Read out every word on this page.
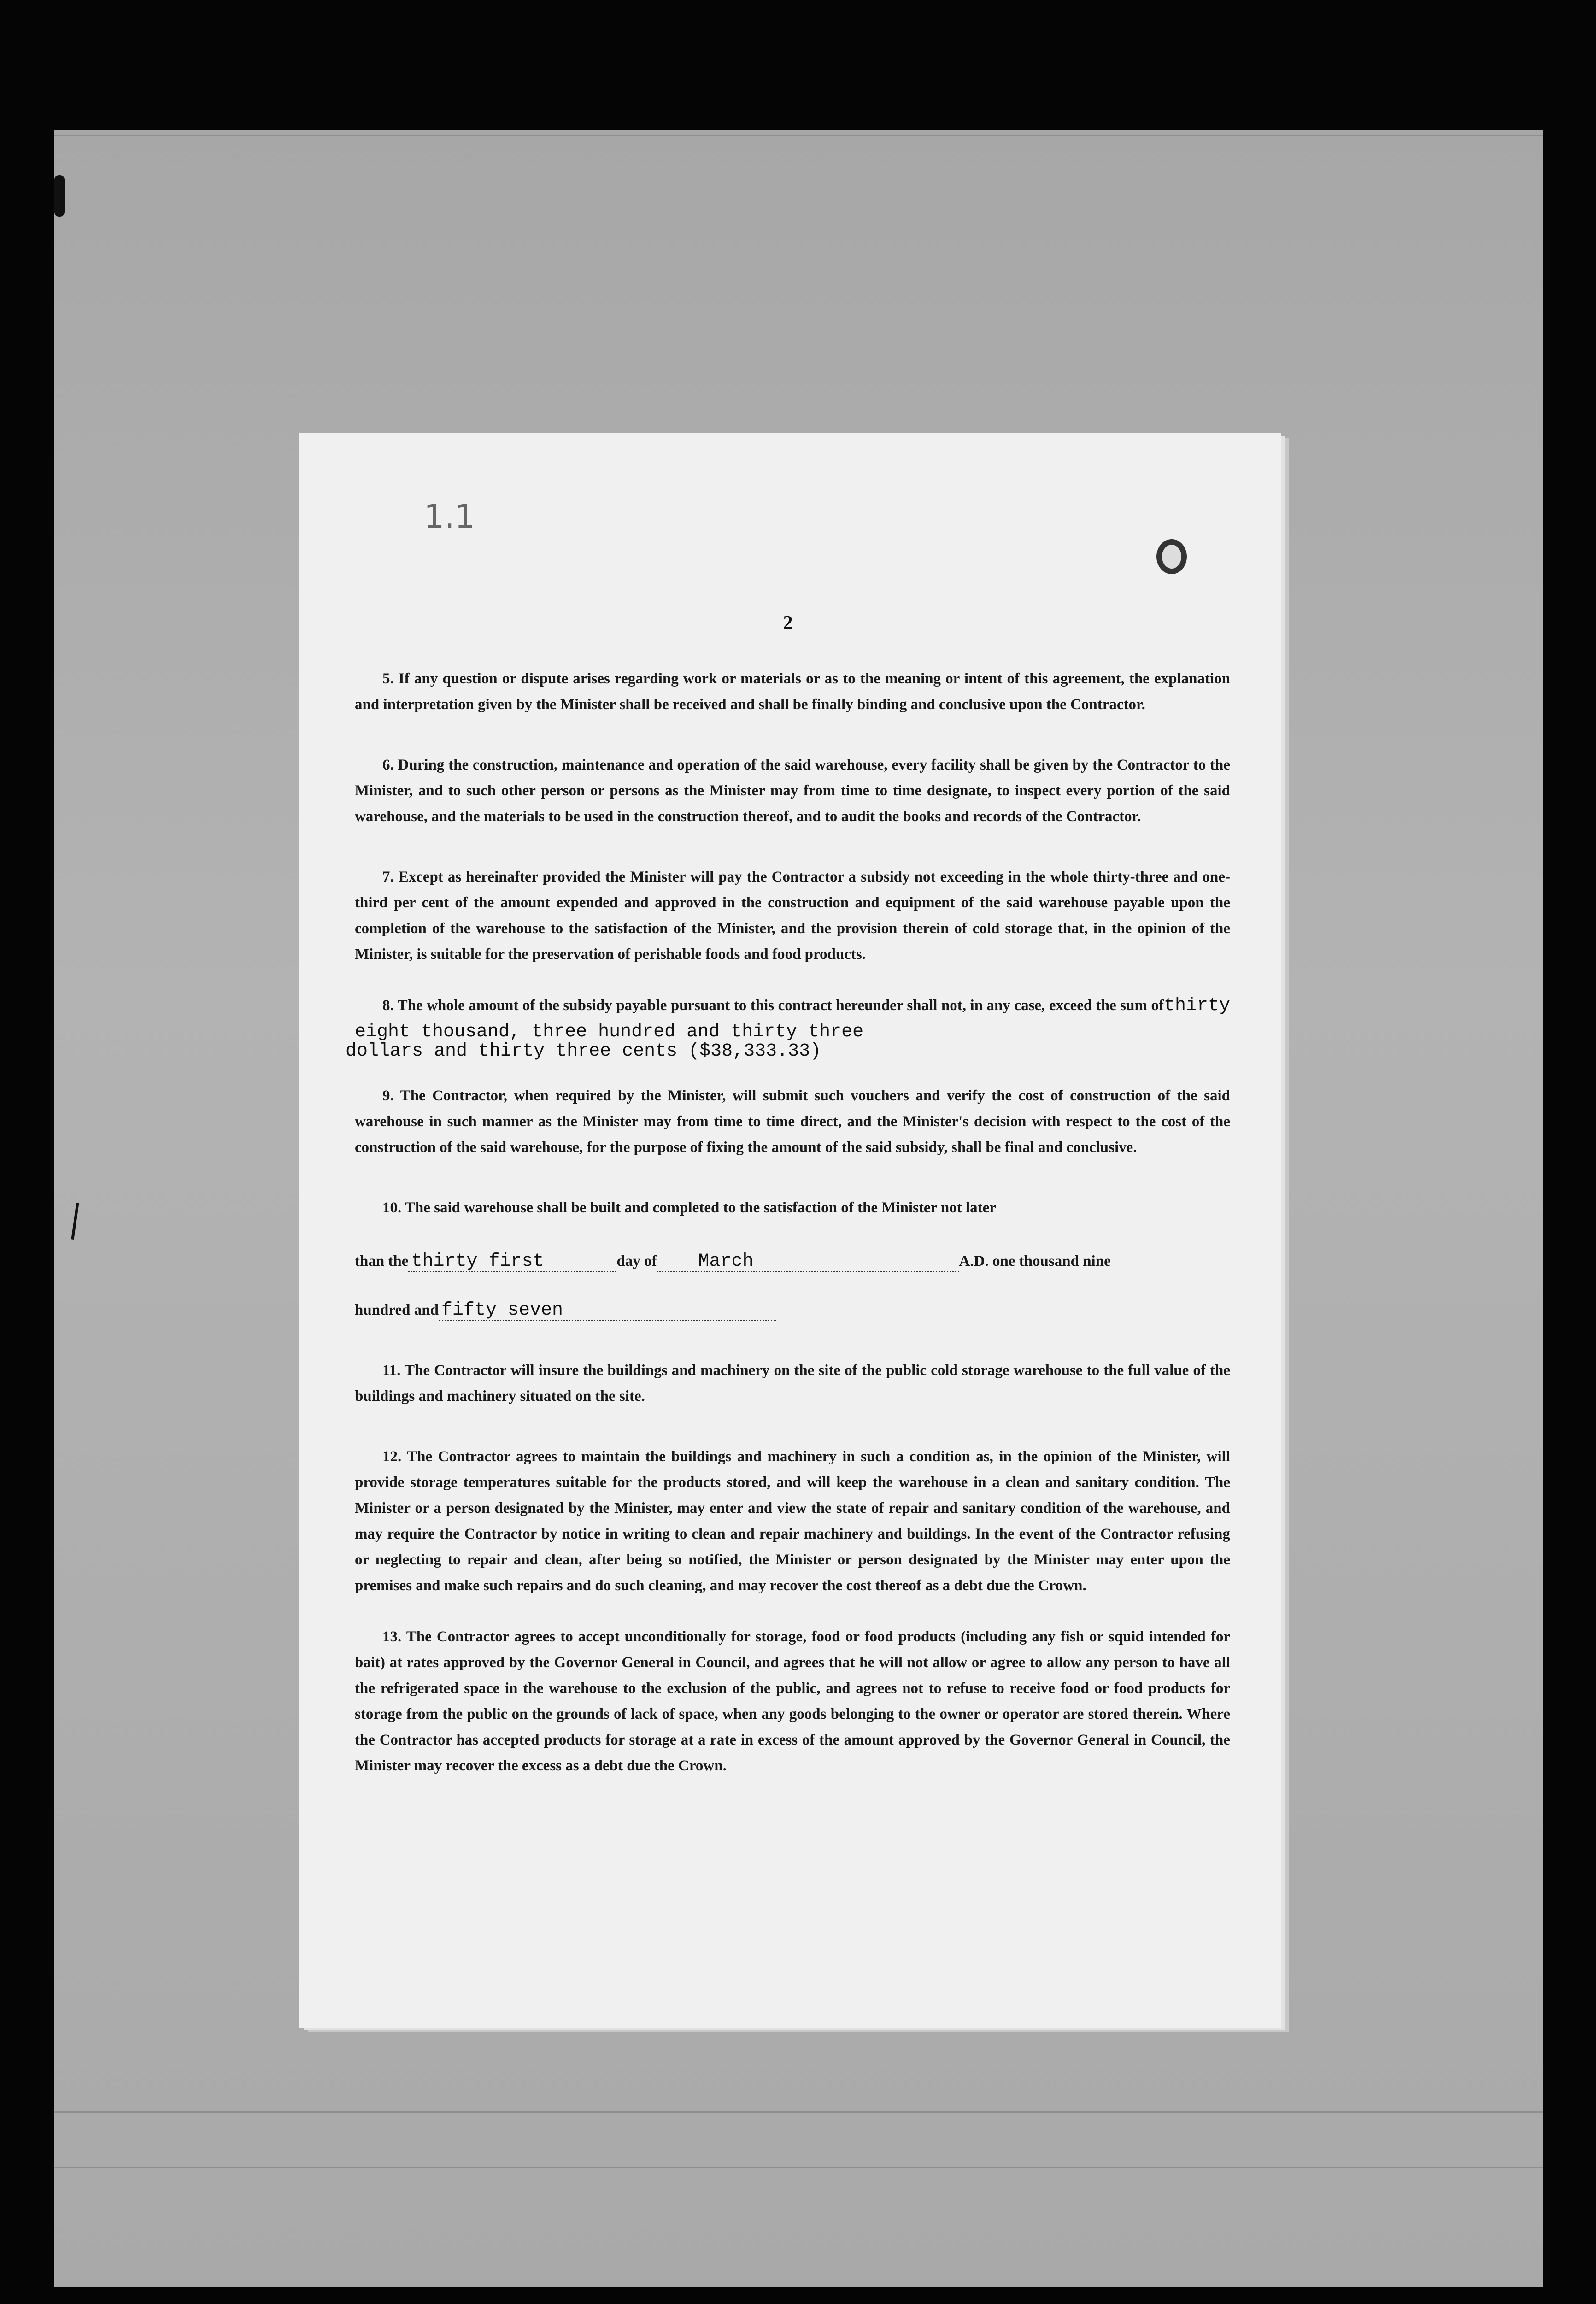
1.1
2

5. If any question or dispute arises regarding work or materials or as to the meaning or intent of this agreement, the explanation and interpretation given by the Minister shall be received and shall be finally binding and conclusive upon the Contractor.

6. During the construction, maintenance and operation of the said warehouse, every facility shall be given by the Contractor to the Minister, and to such other person or persons as the Minister may from time to time designate, to inspect every portion of the said warehouse, and the materials to be used in the construction thereof, and to audit the books and records of the Contractor.

7. Except as hereinafter provided the Minister will pay the Contractor a subsidy not exceeding in the whole thirty-three and one-third per cent of the amount expended and approved in the construction and equipment of the said warehouse payable upon the completion of the warehouse to the satisfaction of the Minister, and the provision therein of cold storage that, in the opinion of the Minister, is suitable for the preservation of perishable foods and food products.

8. The whole amount of the subsidy payable pursuant to this contract hereunder shall not, in any case, exceed the sum ofthirty eight thousand, three hundred and thirty three
dollars and thirty three cents ($38,333.33)

9. The Contractor, when required by the Minister, will submit such vouchers and verify the cost of construction of the said warehouse in such manner as the Minister may from time to time direct, and the Minister's decision with respect to the cost of the construction of the said warehouse, for the purpose of fixing the amount of the said subsidy, shall be final and conclusive.

10. The said warehouse shall be built and completed to the satisfaction of the Minister not later

than the thirty first	day of March	A.D. one thousand nine

hundred and fifty seven

11. The Contractor will insure the buildings and machinery on the site of the public cold storage warehouse to the full value of the buildings and machinery situated on the site.

12. The Contractor agrees to maintain the buildings and machinery in such a condition as, in the opinion of the Minister, will provide storage temperatures suitable for the products stored, and will keep the warehouse in a clean and sanitary condition. The Minister or a person designated by the Minister, may enter and view the state of repair and sanitary condition of the warehouse, and may require the Contractor by notice in writing to clean and repair machinery and buildings. In the event of the Contractor refusing or neglecting to repair and clean, after being so notified, the Minister or person designated by the Minister may enter upon the premises and make such repairs and do such cleaning, and may recover the cost thereof as a debt due the Crown.

13. The Contractor agrees to accept unconditionally for storage, food or food products (including any fish or squid intended for bait) at rates approved by the Governor General in Council, and agrees that he will not allow or agree to allow any person to have all the refrigerated space in the warehouse to the exclusion of the public, and agrees not to refuse to receive food or food products for storage from the public on the grounds of lack of space, when any goods belonging to the owner or operator are stored therein. Where the Contractor has accepted products for storage at a rate in excess of the amount approved by the Governor General in Council, the Minister may recover the excess as a debt due the Crown.
